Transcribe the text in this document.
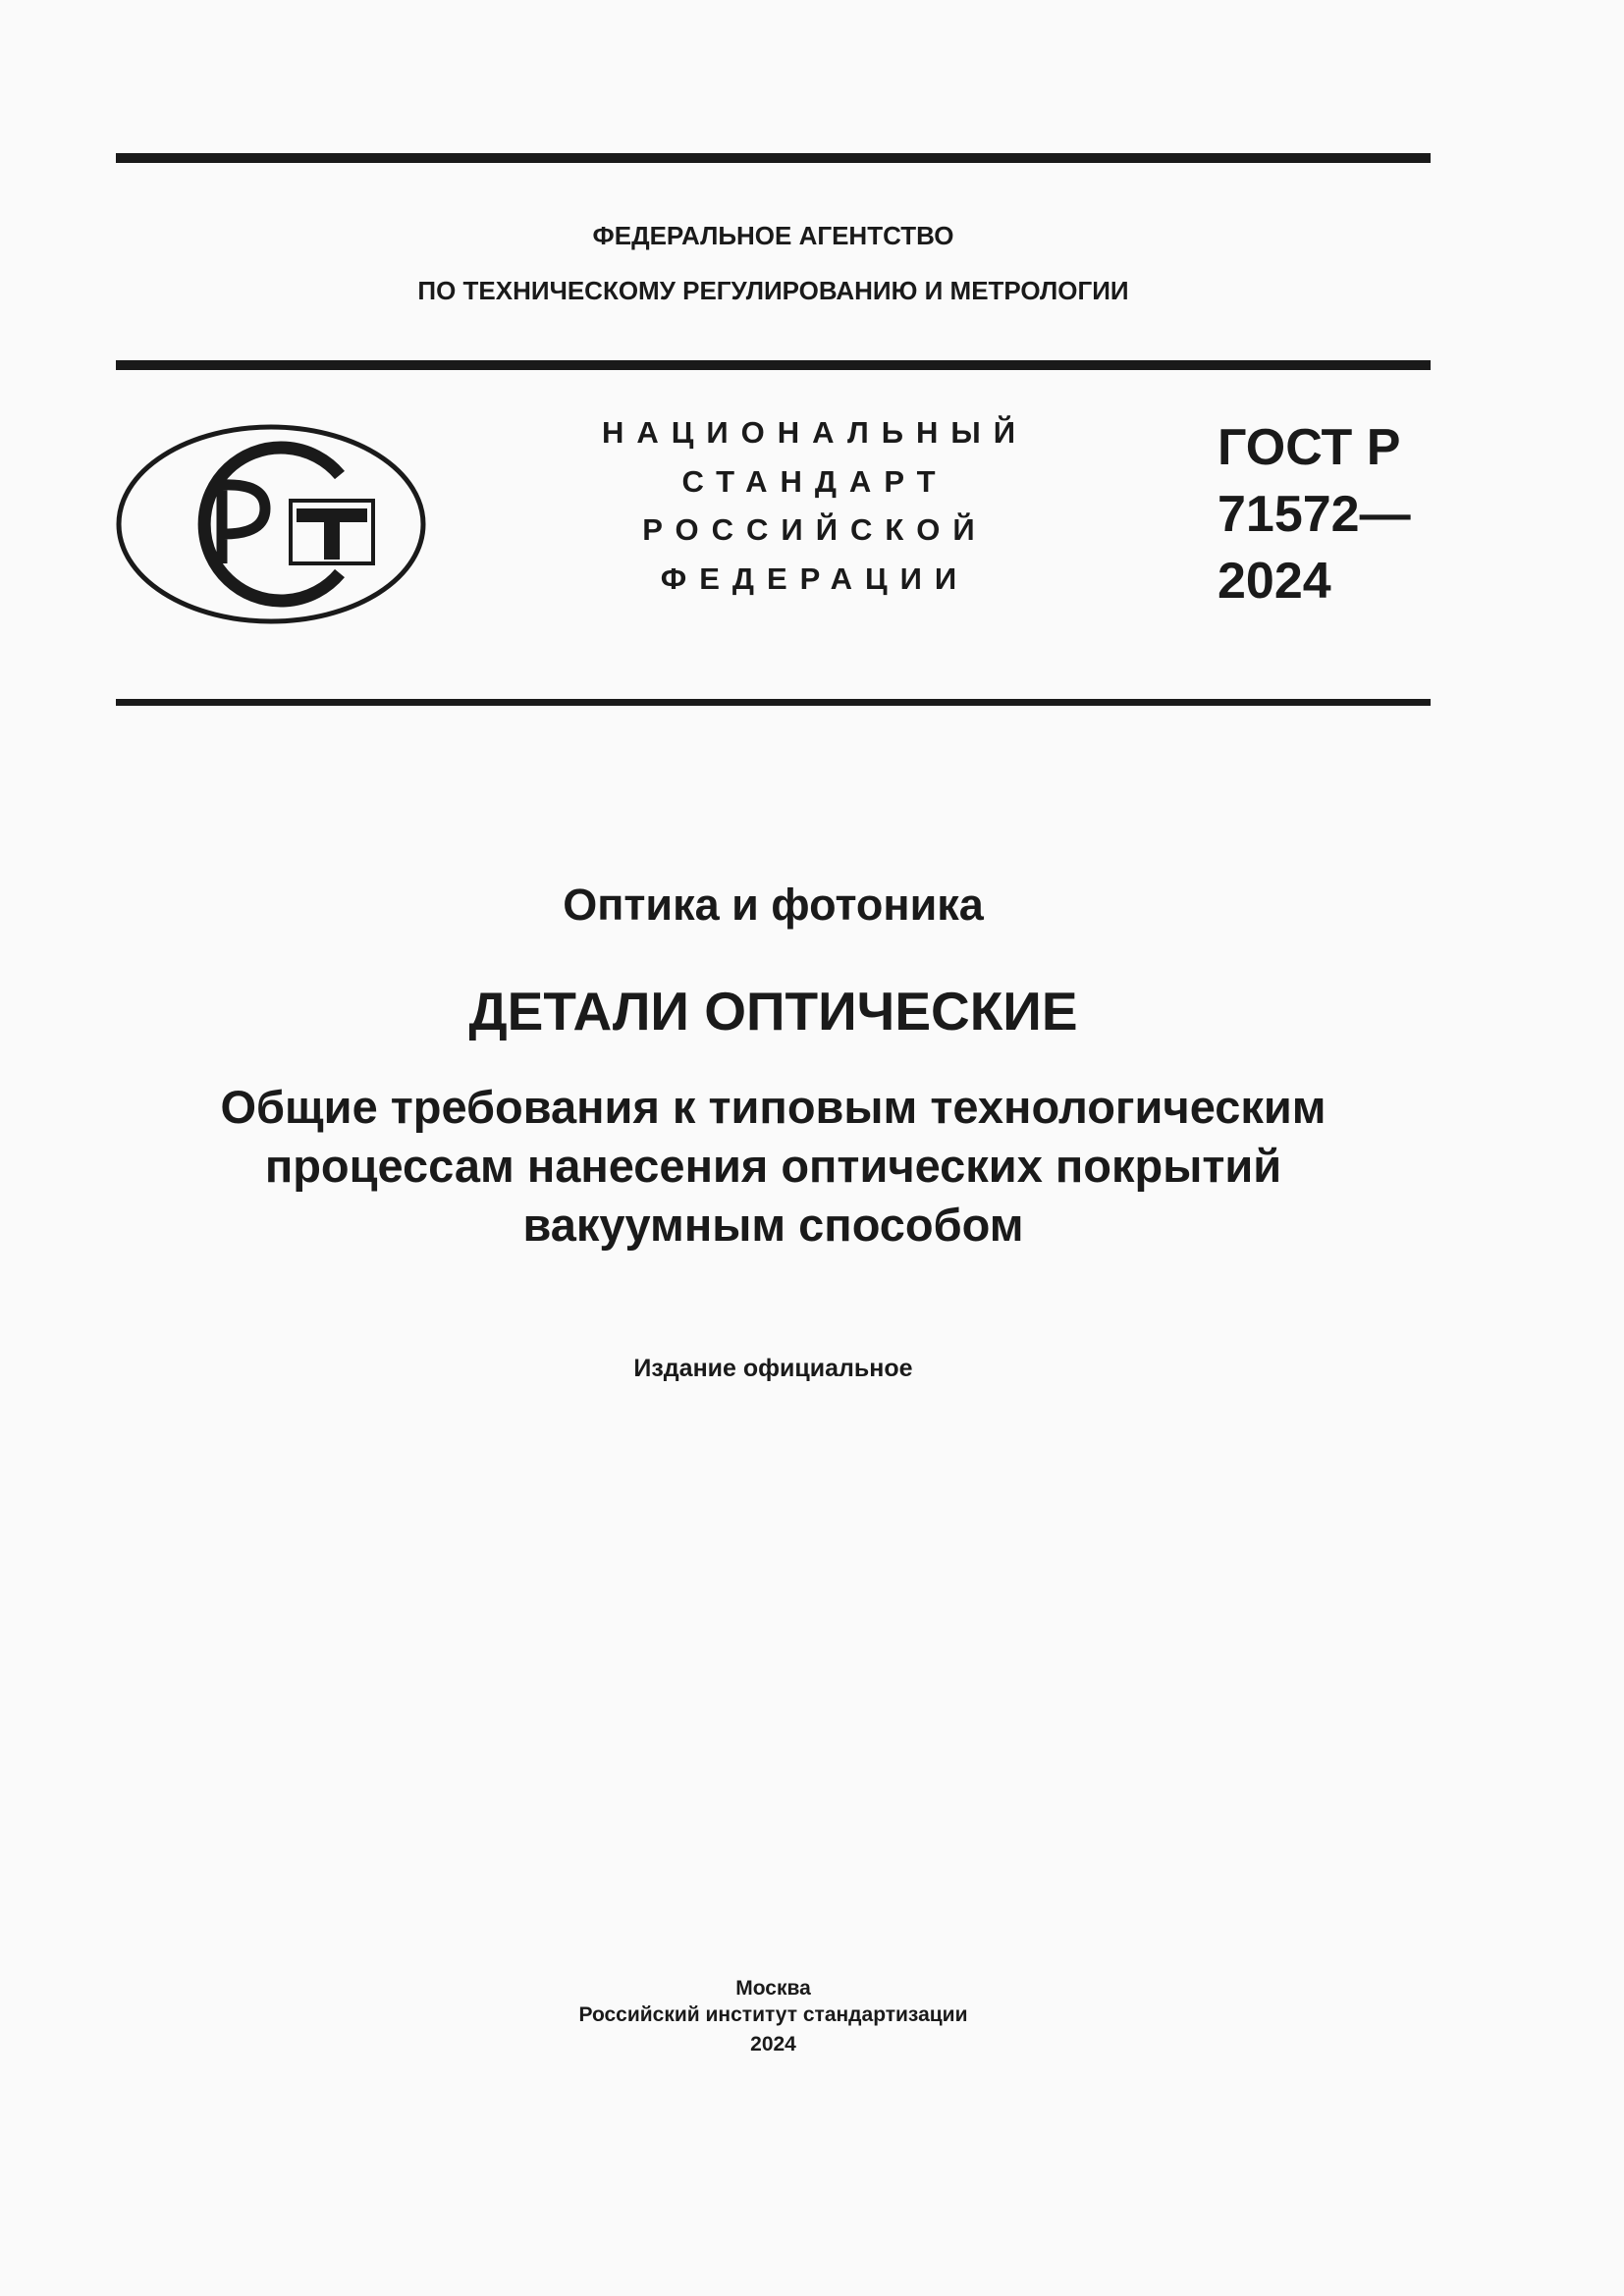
ФЕДЕРАЛЬНОЕ АГЕНТСТВО
ПО ТЕХНИЧЕСКОМУ РЕГУЛИРОВАНИЮ И МЕТРОЛОГИИ
НАЦИОНАЛЬНЫЙ
СТАНДАРТ
РОССИЙСКОЙ
ФЕДЕРАЦИИ
ГОСТ Р
71572—
2024
Оптика и фотоника
ДЕТАЛИ ОПТИЧЕСКИЕ
Общие требования к типовым технологическим
процессам нанесения оптических покрытий
вакуумным способом
Издание официальное
Москва
Российский институт стандартизации
2024
